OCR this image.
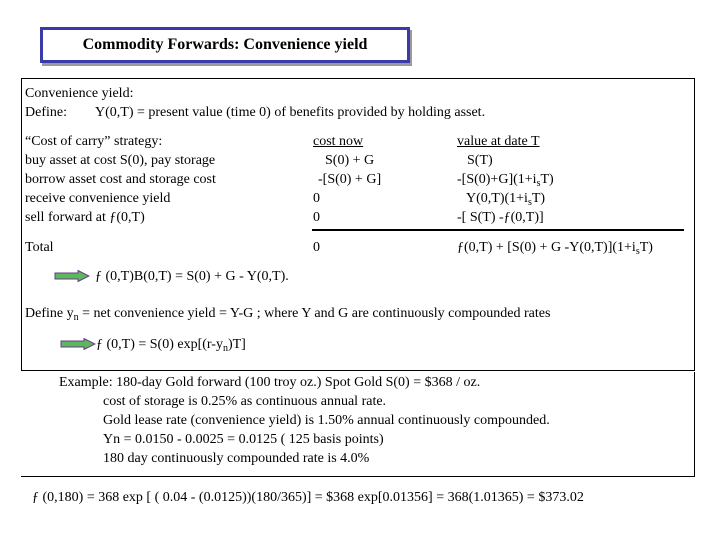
Commodity Forwards: Convenience yield
Convenience yield:
Define: Y(0,T) = present value (time 0) of benefits provided by holding asset.
“Cost of carry” strategy:	cost now	value at date T
buy asset at cost S(0), pay storage	S(0) + G	S(T)
borrow asset cost and storage cost	-[S(0) + G]	$-[S(0)+G](1+i_sT)$
receive convenience yield	0	$Y(0,T)(1+i_sT)$
sell forward at ƒ(0,T)	0	-[ S(T) -ƒ(0,T)]
Total	0	ƒ(0,T) + [S(0) + G $-Y(0,T)](1+i_sT)$
ƒ (0,T)B(0,T) = S(0) + G - Y(0,T).
Define $y_n$ = net convenience yield = Y-G ; where Y and G are continuously compounded rates
ƒ (0,T) = S(0) $\exp[(r-y_n)T]$
Example: 180-day Gold forward (100 troy oz.) Spot Gold S(0) = $368 / oz.
cost of storage is 0.25% as continuous annual rate.
Gold lease rate (convenience yield) is 1.50% annual continuously compounded.
Yn = 0.0150 - 0.0025 = 0.0125 ( 125 basis points)
180 day continuously compounded rate is 4.0%
ƒ (0,180) = 368 exp [ ( 0.04 - (0.0125))(180/365)] = $368 exp[0.01356] = 368(1.01365) = $373.02
